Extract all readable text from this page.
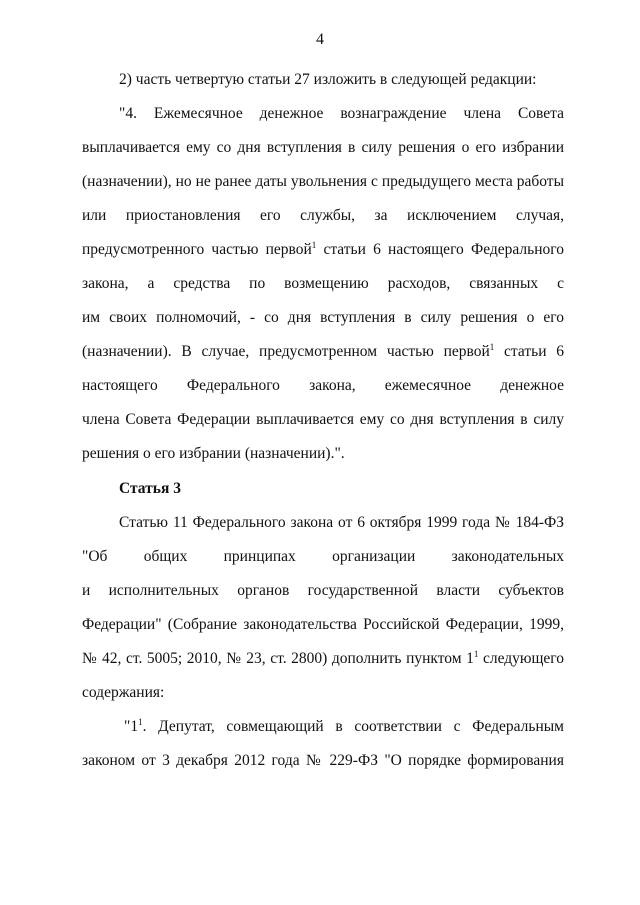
4
2) часть четвертую статьи 27 изложить в следующей редакции:
"4. Ежемесячное денежное вознаграждение члена Совета
выплачивается ему со дня вступления в силу решения о его избрании
(назначении), но не ранее даты увольнения с предыдущего места работы
или приостановления его службы, за исключением случая,
предусмотренного частью первой$^1$ статьи 6 настоящего Федерального
закона, а средства по возмещению расходов, связанных с
им своих полномочий, - со дня вступления в силу решения о его
(назначении). В случае, предусмотренном частью первой$^1$ статьи 6
настоящего Федерального закона, ежемесячное денежное
члена Совета Федерации выплачивается ему со дня вступления в силу
решения о его избрании (назначении).".
Статья 3
Статью 11 Федерального закона от 6 октября 1999 года № 184-ФЗ
"Об общих принципах организации законодательных
и исполнительных органов государственной власти субъектов
Федерации" (Собрание законодательства Российской Федерации, 1999,
№ 42, ст. 5005; 2010, № 23, ст. 2800) дополнить пунктом $1^1$ следующего
содержания:
"$1^1$. Депутат, совмещающий в соответствии с Федеральным
законом от 3 декабря 2012 года № 229-ФЗ "О порядке формирования
